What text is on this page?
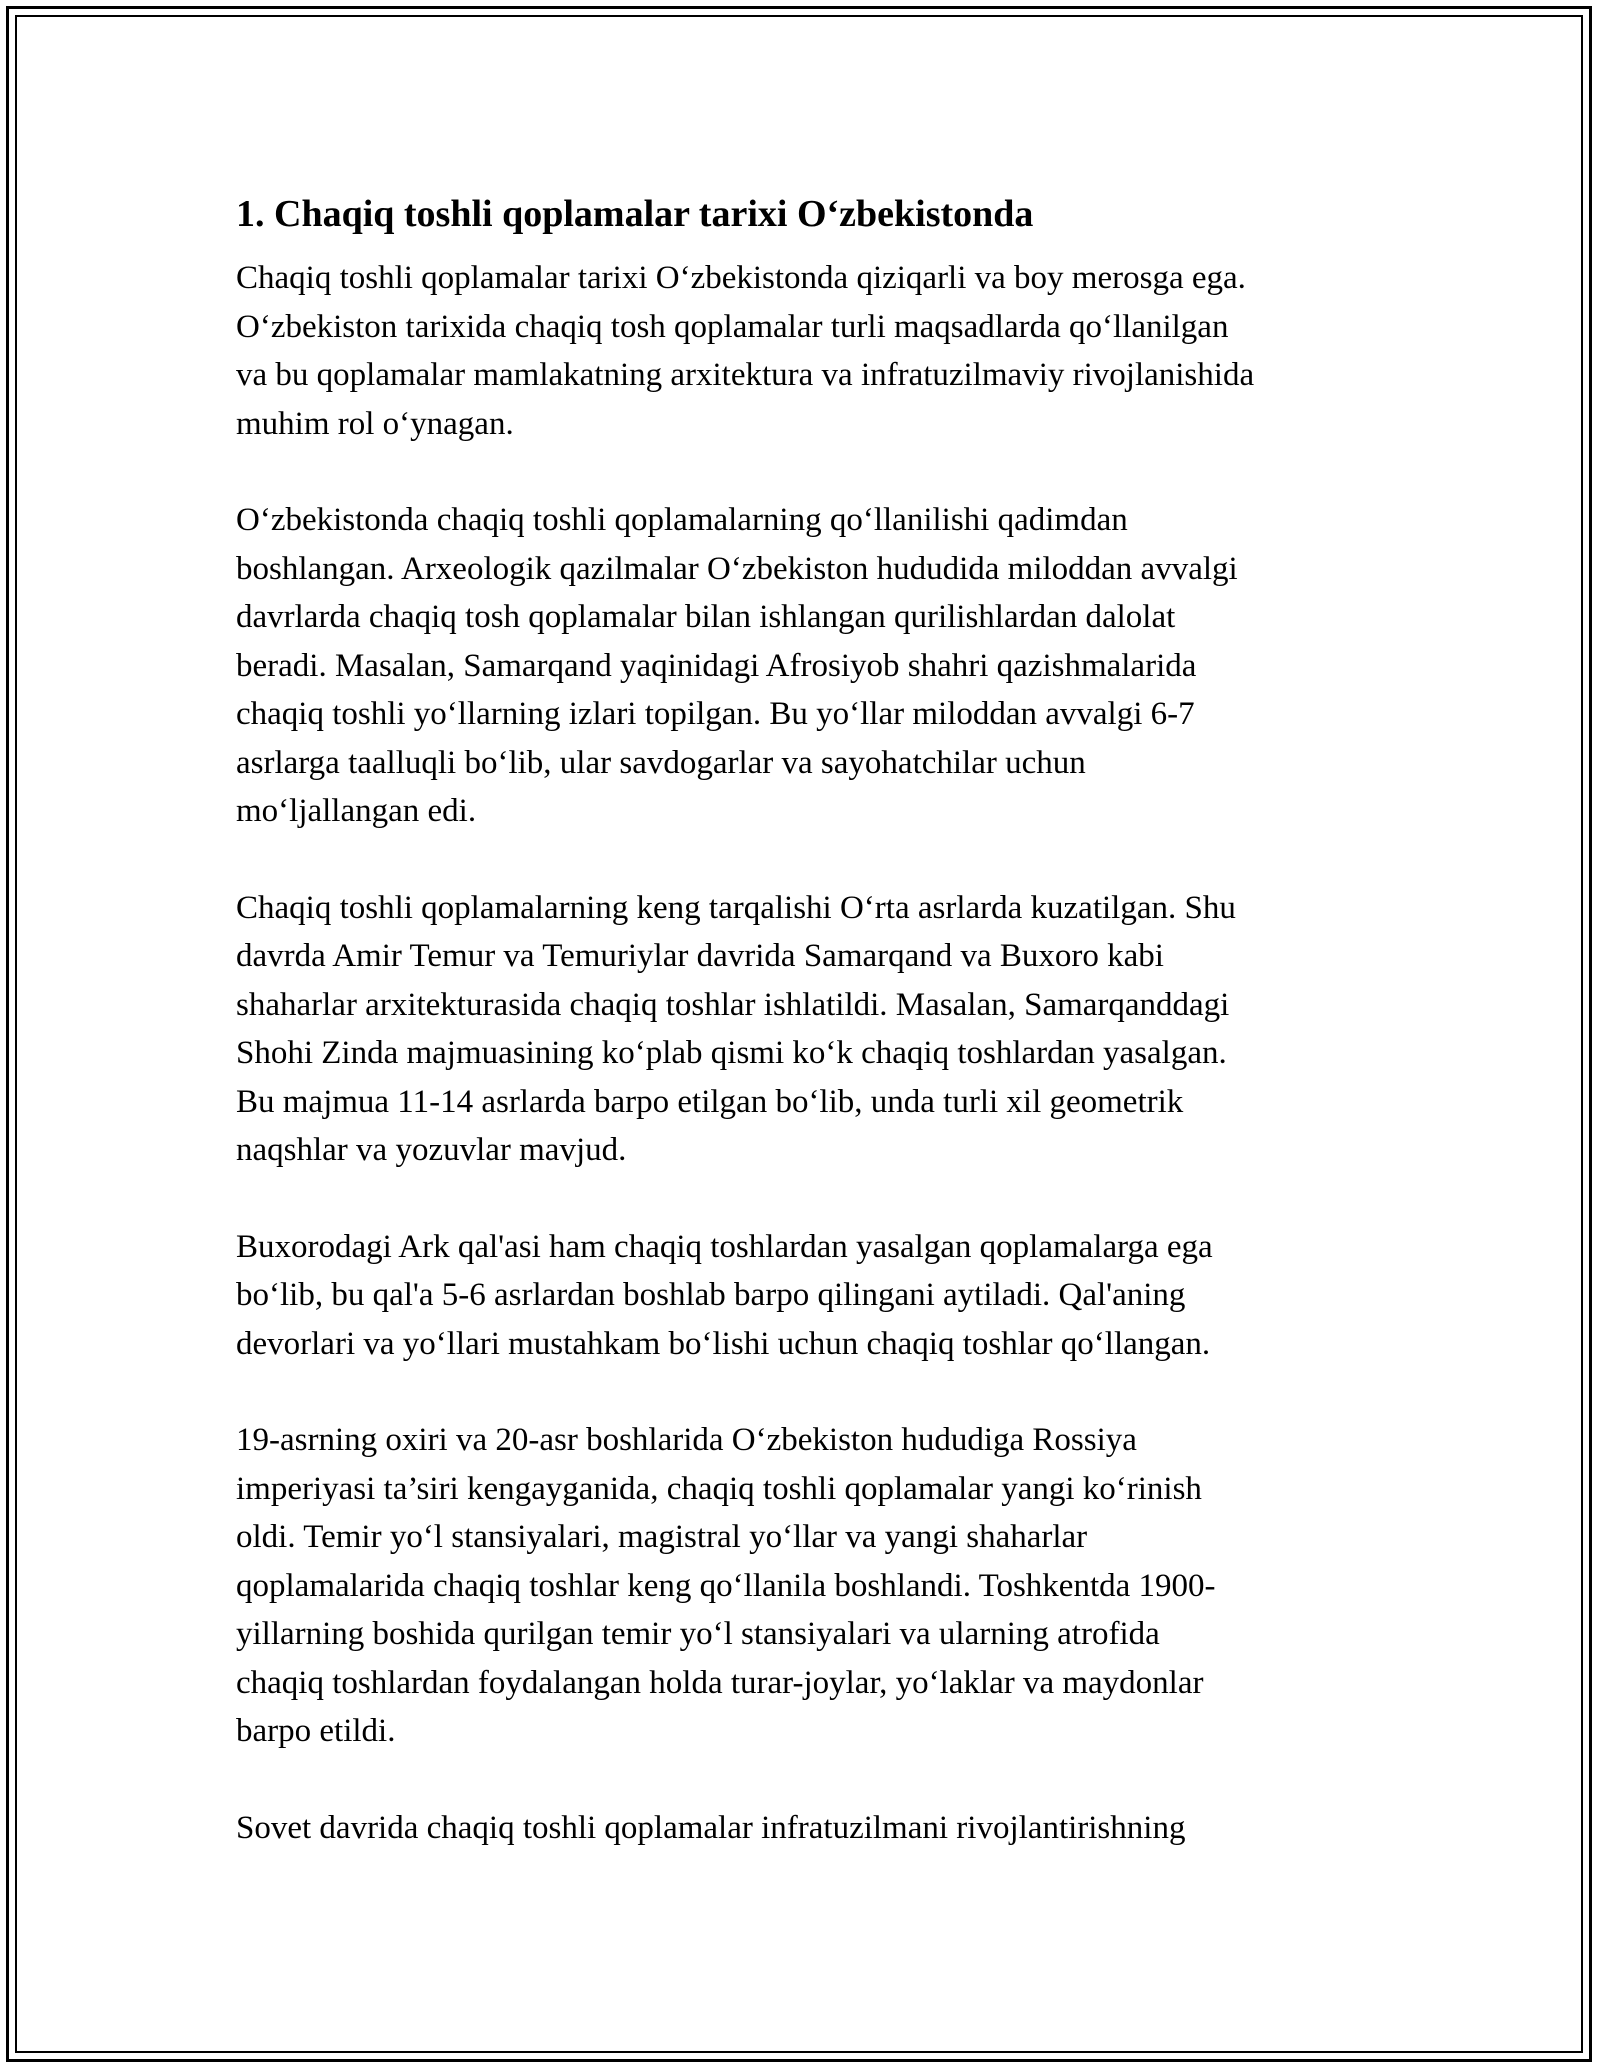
1. Chaqiq toshli qoplamalar tarixi O‘zbekistonda

Chaqiq toshli qoplamalar tarixi O‘zbekistonda qiziqarli va boy merosga ega.
O‘zbekiston tarixida chaqiq tosh qoplamalar turli maqsadlarda qo‘llanilgan
va bu qoplamalar mamlakatning arxitektura va infratuzilmaviy rivojlanishida
muhim rol o‘ynagan.

O‘zbekistonda chaqiq toshli qoplamalarning qo‘llanilishi qadimdan
boshlangan. Arxeologik qazilmalar O‘zbekiston hududida miloddan avvalgi
davrlarda chaqiq tosh qoplamalar bilan ishlangan qurilishlardan dalolat
beradi. Masalan, Samarqand yaqinidagi Afrosiyob shahri qazishmalarida
chaqiq toshli yo‘llarning izlari topilgan. Bu yo‘llar miloddan avvalgi 6-7
asrlarga taalluqli bo‘lib, ular savdogarlar va sayohatchilar uchun
mo‘ljallangan edi.

Chaqiq toshli qoplamalarning keng tarqalishi O‘rta asrlarda kuzatilgan. Shu
davrda Amir Temur va Temuriylar davrida Samarqand va Buxoro kabi
shaharlar arxitekturasida chaqiq toshlar ishlatildi. Masalan, Samarqanddagi
Shohi Zinda majmuasining ko‘plab qismi ko‘k chaqiq toshlardan yasalgan.
Bu majmua 11-14 asrlarda barpo etilgan bo‘lib, unda turli xil geometrik
naqshlar va yozuvlar mavjud.

Buxorodagi Ark qal'asi ham chaqiq toshlardan yasalgan qoplamalarga ega
bo‘lib, bu qal'a 5-6 asrlardan boshlab barpo qilingani aytiladi. Qal'aning
devorlari va yo‘llari mustahkam bo‘lishi uchun chaqiq toshlar qo‘llangan.

19-asrning oxiri va 20-asr boshlarida O‘zbekiston hududiga Rossiya
imperiyasi ta’siri kengayganida, chaqiq toshli qoplamalar yangi ko‘rinish
oldi. Temir yo‘l stansiyalari, magistral yo‘llar va yangi shaharlar
qoplamalarida chaqiq toshlar keng qo‘llanila boshlandi. Toshkentda 1900-
yillarning boshida qurilgan temir yo‘l stansiyalari va ularning atrofida
chaqiq toshlardan foydalangan holda turar-joylar, yo‘laklar va maydonlar
barpo etildi.

Sovet davrida chaqiq toshli qoplamalar infratuzilmani rivojlantirishning
